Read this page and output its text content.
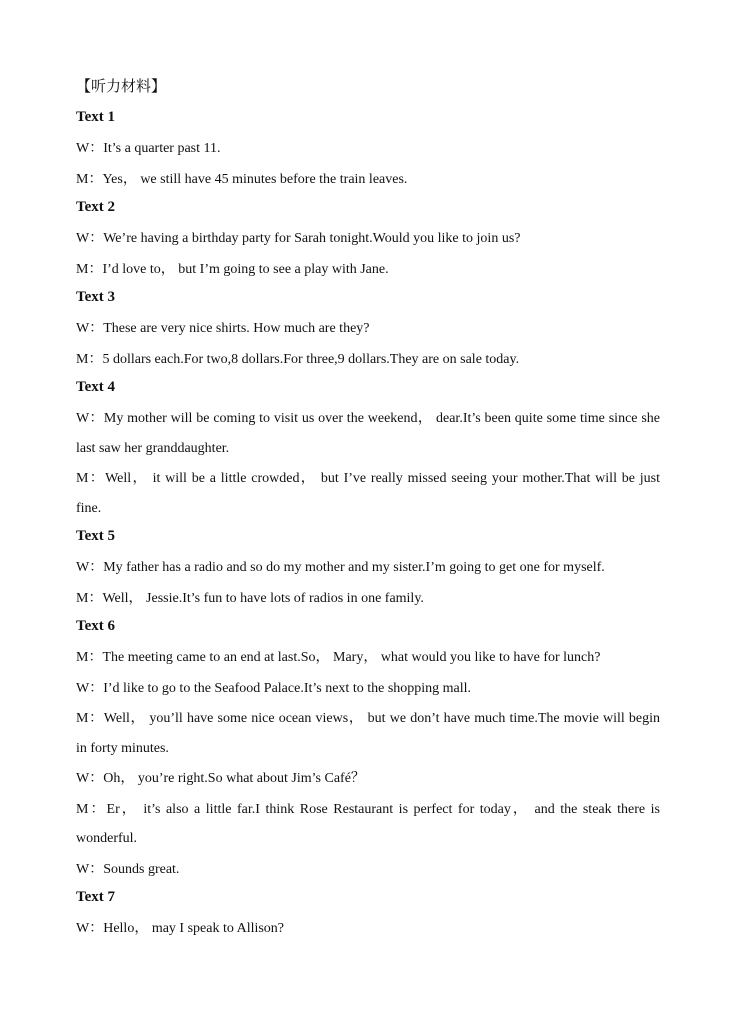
【听力材料】
Text 1
W：It’s a quarter past 11.
M：Yes， we still have 45 minutes before the train leaves.
Text 2
W：We’re having a birthday party for Sarah tonight.Would you like to join us?
M：I’d love to， but I’m going to see a play with Jane.
Text 3
W：These are very nice shirts. How much are they?
M：5 dollars each.For two,8 dollars.For three,9 dollars.They are on sale today.
Text 4
W：My mother will be coming to visit us over the weekend， dear.It’s been quite some time since she last saw her granddaughter.
M：Well， it will be a little crowded， but I’ve really missed seeing your mother.That will be just fine.
Text 5
W：My father has a radio and so do my mother and my sister.I’m going to get one for myself.
M：Well， Jessie.It’s fun to have lots of radios in one family.
Text 6
M：The meeting came to an end at last.So， Mary， what would you like to have for lunch?
W：I’d like to go to the Seafood Palace.It’s next to the shopping mall.
M：Well， you’ll have some nice ocean views， but we don’t have much time.The movie will begin in forty minutes.
W：Oh， you’re right.So what about Jim’s Café？
M：Er， it’s also a little far.I think Rose Restaurant is perfect for today， and the steak there is wonderful.
W：Sounds great.
Text 7
W：Hello， may I speak to Allison?
